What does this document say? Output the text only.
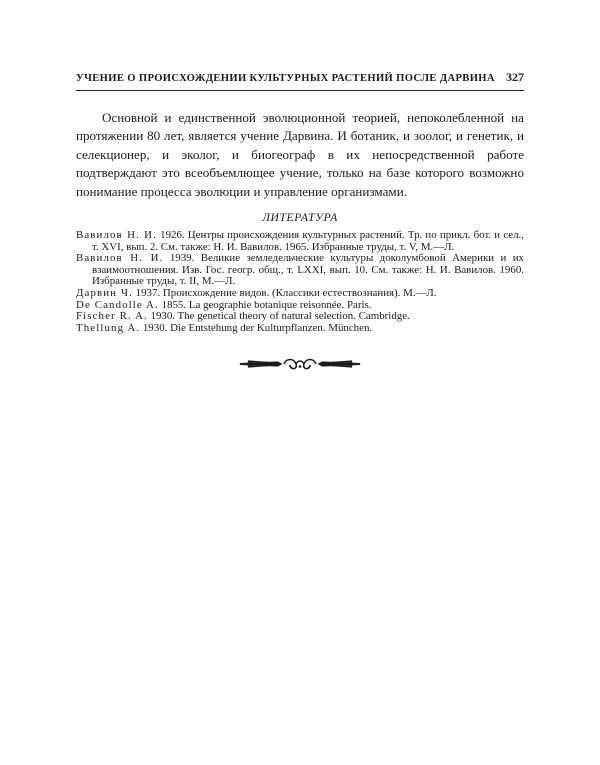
УЧЕНИЕ О ПРОИСХОЖДЕНИИ КУЛЬТУРНЫХ РАСТЕНИЙ ПОСЛЕ ДАРВИНА 327

Основной и единственной эволюционной теорией, непоколебленной на протяжении 80 лет, является учение Дарвина. И ботаник, и зоолог, и генетик, и селекционер, и эколог, и биогеограф в их непосредственной работе подтверждают это всеобъемлющее учение, только на базе которого возможно понимание процесса эволюции и управление организмами.

ЛИТЕРАТУРА
Вавилов Н. И. 1926. Центры происхождения культурных растений. Тр. по прикл. бот. и сел., т. XVI, вып. 2. См. также: Н. И. Вавилов. 1965. Избранные труды, т. V, М.—Л.
Вавилов Н. И. 1939. Великие земледельческие культуры доколумбовой Америки и их взаимоотношения. Изв. Гос. геогр. общ., т. LXXI, вып. 10. См. также: Н. И. Вавилов. 1960. Избранные труды, т. II, М.—Л.
Дарвин Ч. 1937. Происхождение видов. (Классики естествознания). М.—Л.
De Candolle A. 1855. La geographie botanique reisonnée. Paris.
Fischer R. A. 1930. The genetical theory of natural selection. Cambridge.
Thellung A. 1930. Die Entstehung der Kulturpflanzen. München.
